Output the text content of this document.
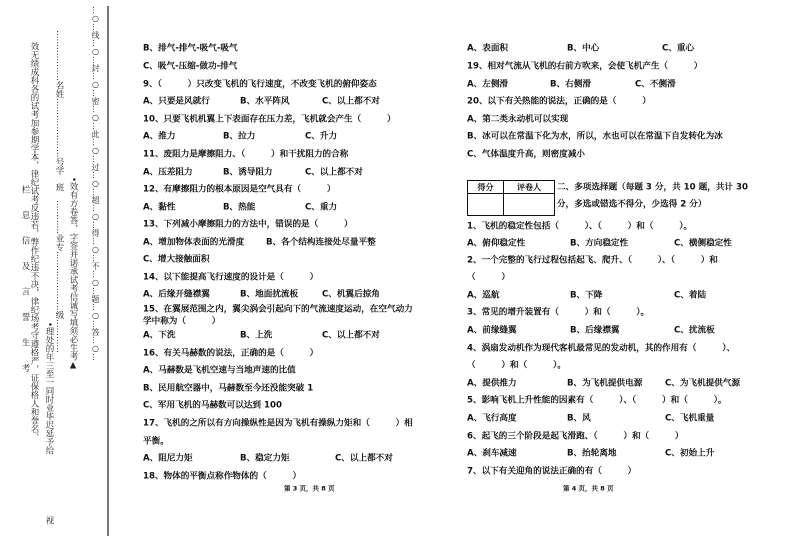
…○…线…○…封…○…密…○…此…○…过…○…超…○…得…○…不…○…题…○…答…○…
效无绩成科各的试考加参期学本，律纪试考反违若，弊作纪违不决，律纪场考守遵格严，证保格人和誉名、
栏　　息　　信　　及　　言　　誓　　生　　考	………………名姓…………………号学　班　…………业专…………………级………… •效有方卷答，字签并诺承试考信诚写填须必生考▲
•理处的年三至一同时业毕迟延予给
视
B、排气-排气-吸气-吸气
C、吸气-压缩-做功-排气
9、（　　　）只改变飞机的飞行速度，不改变飞机的俯仰姿态
A、只要是风就行	B、水平阵风	C、以上都不对
10、只要飞机机翼上下表面存在压力差，飞机就会产生（　　　）
A、推力	B、拉力	C、升力
11、废阻力是摩擦阻力、（　　　）和干扰阻力的合称
A、压差阻力	B、诱导阻力	C、以上都不对
12、有摩擦阻力的根本原因是空气具有（　　　）
A、黏性	B、热能	C、重力
13、下列减小摩擦阻力的方法中，错误的是（　　　）
A、增加物体表面的光滑度	B、各个结构连接处尽量平整
C、增大接触面积
14、以下能提高飞行速度的设计是（　　　）
A、后缘开缝襟翼	B、地面扰流板	C、机翼后掠角
15、在翼展范围之内，翼尖涡会引起向下的气流速度运动，在空气动力
学中称为（　　　）
A、下洗	B、上洗	C、以上都不对
16、有关马赫数的说法，正确的是（　　　）
A、马赫数是飞机空速与当地声速的比值
B、民用航空器中，马赫数至今还没能突破 1
C、军用飞机的马赫数可以达到 100
17、飞机的之所以有方向操纵性是因为飞机有操纵力矩和（　　　）相
平衡。
A、阻尼力矩	B、稳定力矩	C、以上都不对
18、物体的平衡点称作物体的（　　　）
第 3 页，共 8 页
A、表面积	B、中心	C、重心
19、相对气流从飞机的右前方吹来，会使飞机产生（　　　）
A、左侧滑	B、右侧滑	C、不侧滑
20、以下有关热能的说法，正确的是（　　　）
A、第二类永动机可以实现
B、冰可以在常温下化为水，所以，水也可以在常温下自发转化为冰
C、气体温度升高，则密度减小
得分	评卷人
	二、多项选择题（每题 3 分，共 10 题，共计 30
分，多选或错选不得分，少选得 2 分）
1、飞机的稳定性包括（　　　）、（　　　）和（　　　）。
A、俯仰稳定性	B、方向稳定性	C、横侧稳定性
2、一个完整的飞行过程包括起飞、爬升、（　　　）、（　　　）和
（　　　）
A、巡航	B、下降	C、着陆
3、常见的增升装置有（　　　）和（　　　）。
A、前缘缝翼	B、后缘襟翼	C、扰流板
4、涡扇发动机作为现代客机最常见的发动机，其的作用有（　　　）、
（　　　）和（　　　）。
A、提供推力	B、为飞机提供电源	C、为飞机提供气源
5、影响飞机上升性能的因素有（　　　）、（　　　）和（　　　）。
A、飞行高度	B、风	C、飞机重量
6、起飞的三个阶段是起飞滑跑、（　　　）和（　　　）
A、刹车减速	B、抬轮离地	C、初始上升
7、以下有关迎角的说法正确的有（　　　）
第 4 页，共 8 页
